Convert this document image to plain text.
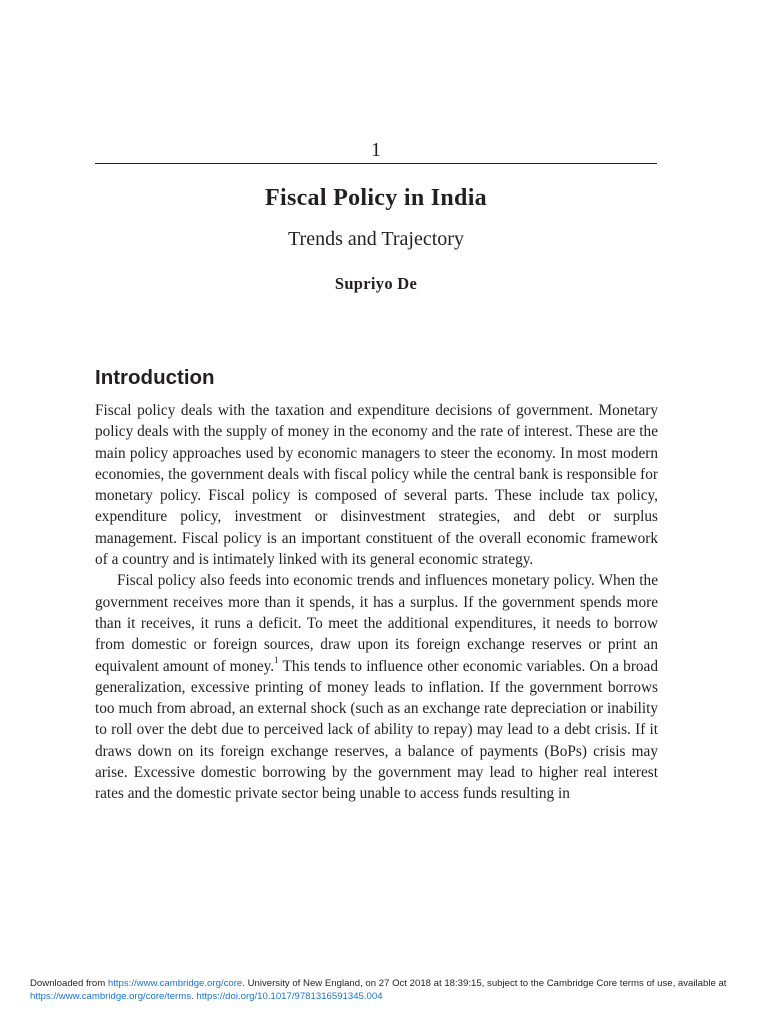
1
Fiscal Policy in India
Trends and Trajectory
Supriyo De
Introduction

Fiscal policy deals with the taxation and expenditure decisions of government. Monetary policy deals with the supply of money in the economy and the rate of interest. These are the main policy approaches used by economic managers to steer the economy. In most modern economies, the government deals with fiscal policy while the central bank is responsible for monetary policy. Fiscal policy is composed of several parts. These include tax policy, expenditure policy, investment or disinvestment strategies, and debt or surplus management. Fiscal policy is an important constituent of the overall economic framework of a country and is intimately linked with its general economic strategy.

Fiscal policy also feeds into economic trends and influences monetary policy. When the government receives more than it spends, it has a surplus. If the government spends more than it receives, it runs a deficit. To meet the additional expenditures, it needs to borrow from domestic or foreign sources, draw upon its foreign exchange reserves or print an equivalent amount of money.$^1$ This tends to influence other economic variables. On a broad generalization, excessive printing of money leads to inflation. If the government borrows too much from abroad, an external shock (such as an exchange rate depreciation or inability to roll over the debt due to perceived lack of ability to repay) may lead to a debt crisis. If it draws down on its foreign exchange reserves, a balance of payments (BoPs) crisis may arise. Excessive domestic borrowing by the government may lead to higher real interest rates and the domestic private sector being unable to access funds resulting in

Downloaded from https://www.cambridge.org/core. University of New England, on 27 Oct 2018 at 18:39:15, subject to the Cambridge Core terms of use, available at https://www.cambridge.org/core/terms. https://doi.org/10.1017/9781316591345.004
